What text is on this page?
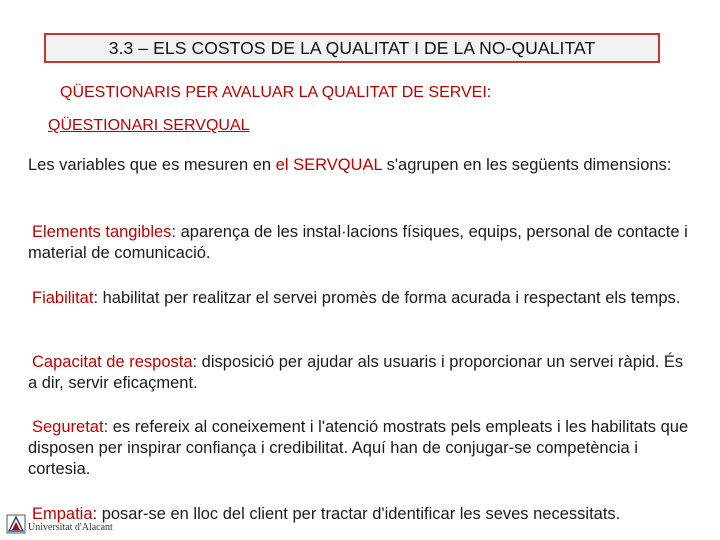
3.3 – ELS COSTOS DE LA QUALITAT I DE LA NO-QUALITAT
QÜESTIONARIS PER AVALUAR LA QUALITAT DE SERVEI:
QÜESTIONARI SERVQUAL
Les variables que es mesuren en el SERVQUAL s'agrupen en les següents dimensions:
Elements tangibles: aparença de les instal·lacions físiques, equips, personal de contacte i material de comunicació.
Fiabilitat: habilitat per realitzar el servei promès de forma acurada i respectant els temps.
Capacitat de resposta: disposició per ajudar als usuaris i proporcionar un servei ràpid. És a dir, servir eficaçment.
Seguretat: es refereix al coneixement i l'atenció mostrats pels empleats i les habilitats que disposen per inspirar confiança i credibilitat. Aquí han de conjugar-se competència i cortesia.
Empatia: posar-se en lloc del client per tractar d'identificar les seves necessitats.
Universitat d'Alacant
